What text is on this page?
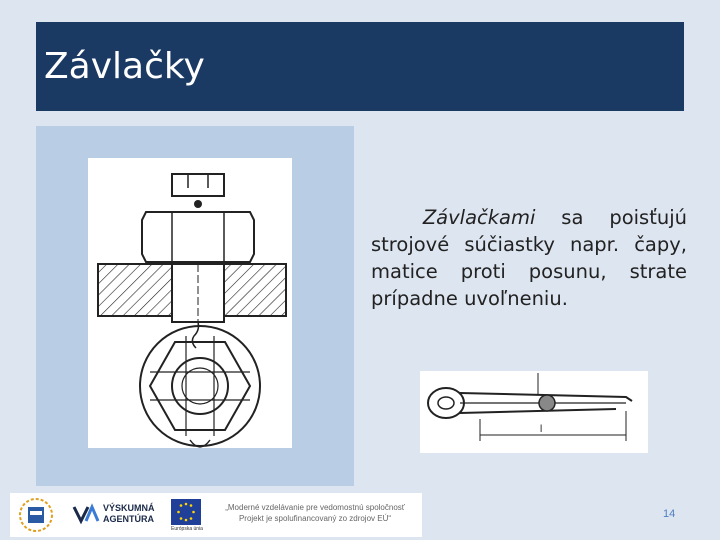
Závlačky
Závlačkami sa poisťujú strojové súčiastky napr. čapy, matice proti posunu, strate prípadne uvoľneniu.
l
VÝSKUMNÁ
AGENTÚRA
Európska únia
„Moderné vzdelávanie pre vedomostnú spoločnosť
Projekt je spolufinancovaný zo zdrojov EÚ“	14
